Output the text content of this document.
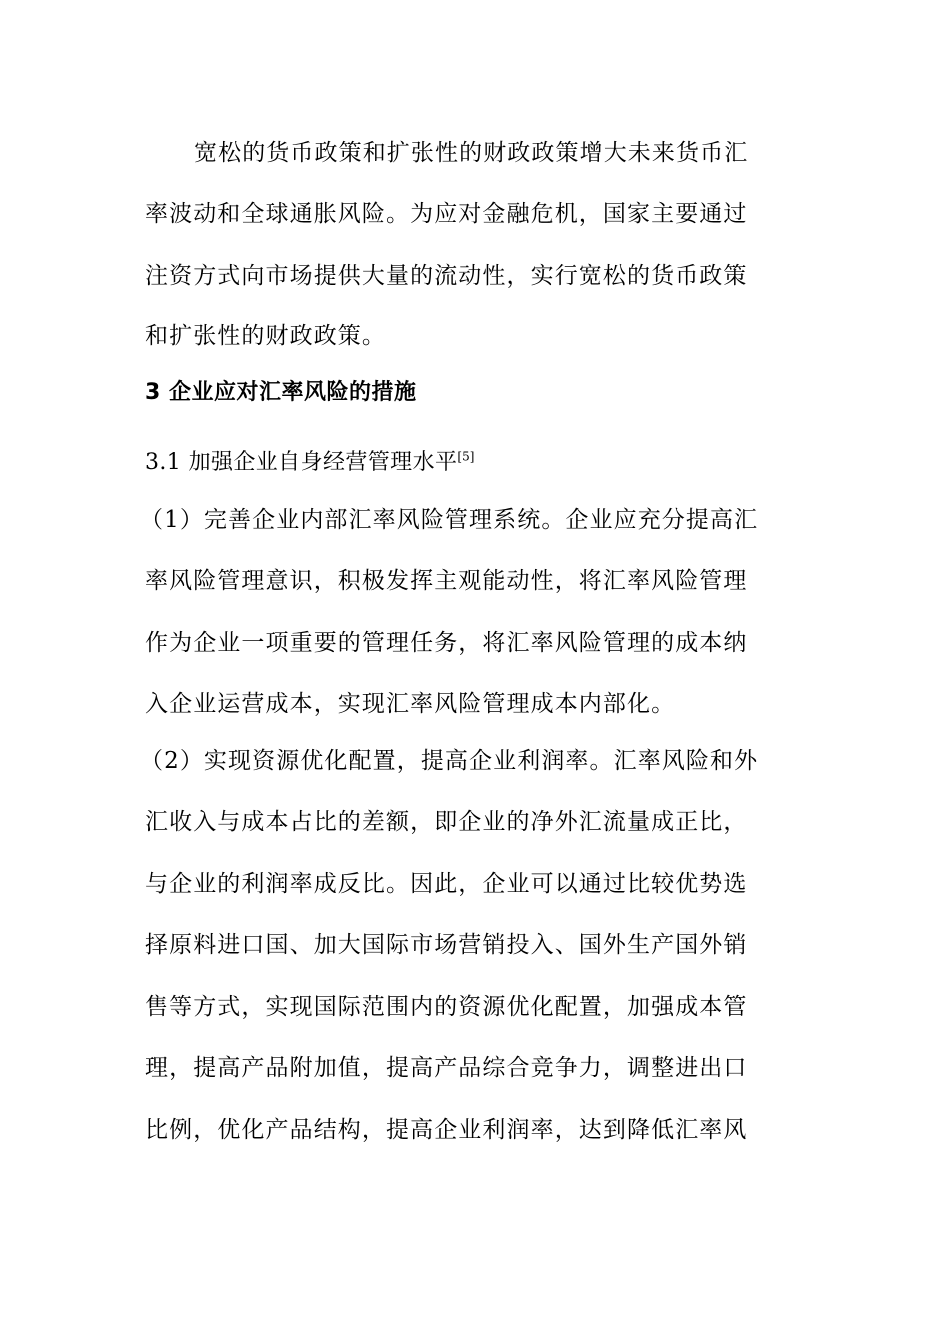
宽松的货币政策和扩张性的财政政策增大未来货币汇
率波动和全球通胀风险。为应对金融危机，国家主要通过
注资方式向市场提供大量的流动性，实行宽松的货币政策
和扩张性的财政政策。
3 企业应对汇率风险的措施
3.1 加强企业自身经营管理水平[5]
（1）完善企业内部汇率风险管理系统。企业应充分提高汇
率风险管理意识，积极发挥主观能动性，将汇率风险管理
作为企业一项重要的管理任务，将汇率风险管理的成本纳
入企业运营成本，实现汇率风险管理成本内部化。
（2）实现资源优化配置，提高企业利润率。汇率风险和外
汇收入与成本占比的差额，即企业的净外汇流量成正比，
与企业的利润率成反比。因此，企业可以通过比较优势选
择原料进口国、加大国际市场营销投入、国外生产国外销
售等方式，实现国际范围内的资源优化配置，加强成本管
理，提高产品附加值，提高产品综合竞争力，调整进出口
比例，优化产品结构，提高企业利润率，达到降低汇率风
